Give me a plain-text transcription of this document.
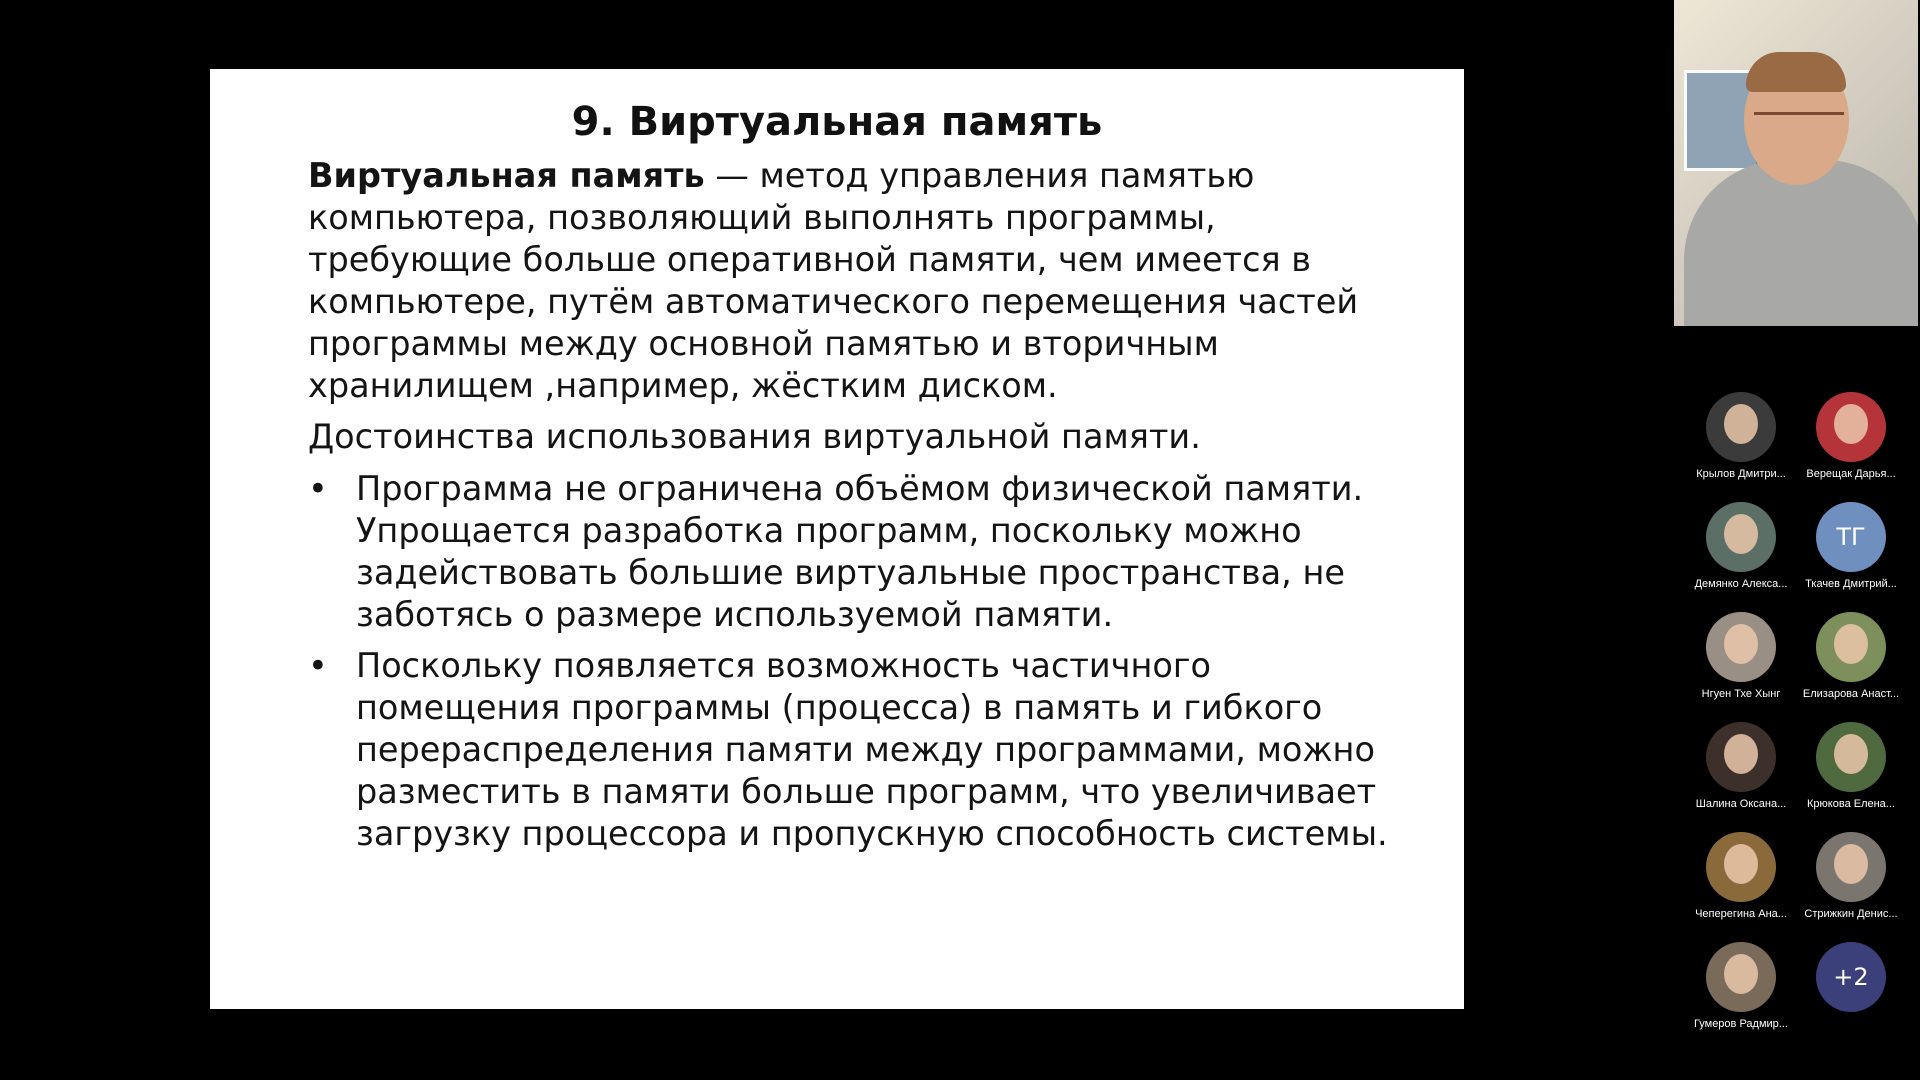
9. Виртуальная память

Виртуальная память — метод управления памятью компьютера, позволяющий выполнять программы, требующие больше оперативной памяти, чем имеется в компьютере, путём автоматического перемещения частей программы между основной памятью и вторичным хранилищем ,например, жёстким диском.

Достоинства использования виртуальной памяти.

• Программа не ограничена объёмом физической памяти. Упрощается разработка программ, поскольку можно задействовать большие виртуальные пространства, не заботясь о размере используемой памяти.
• Поскольку появляется возможность частичного помещения программы (процесса) в память и гибкого перераспределения памяти между программами, можно разместить в памяти больше программ, что увеличивает загрузку процессора и пропускную способность системы.
Крылов Дмитри...	Верещак Дарья...
Демянко Алекса...
ТГ
Ткачев Дмитрий...
Нгуен Тхе Хынг	Елизарова Анаст...
Шалина Оксана...	Крюкова Елена...
Чеперегина Ана...	Стрижкин Денис...
Гумеров Радмир...
+2
